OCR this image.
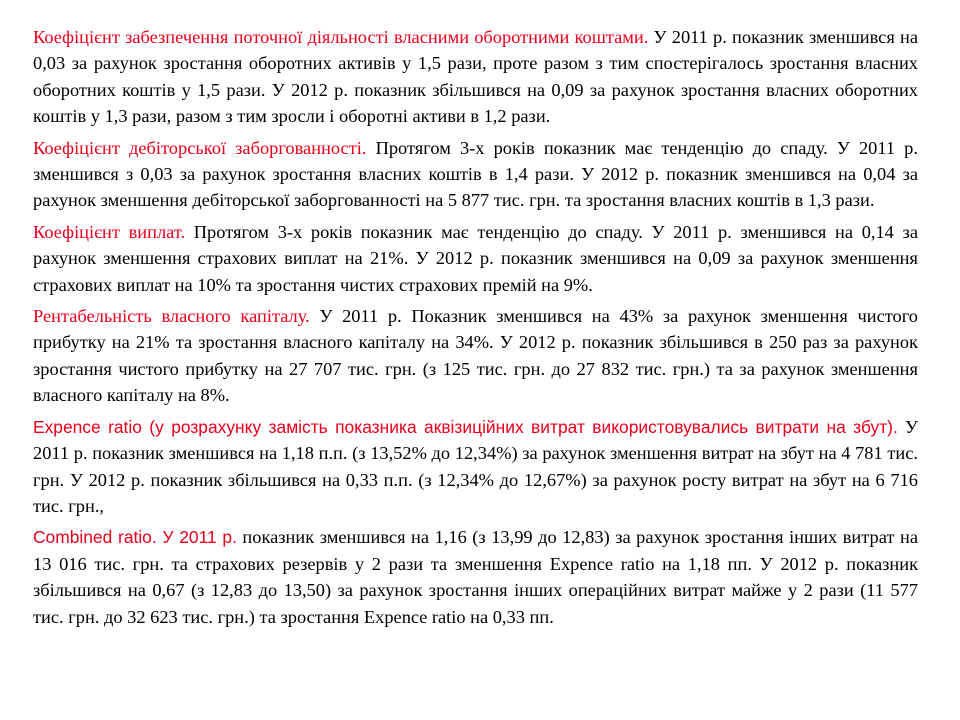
Коефіцієнт забезпечення поточної діяльності власними оборотними коштами. У 2011 р. показник зменшився на 0,03 за рахунок зростання оборотних активів у 1,5 рази, проте разом з тим спостерігалось зростання власних оборотних коштів у 1,5 рази. У 2012 р. показник збільшився на 0,09 за рахунок зростання власних оборотних коштів у 1,3 рази, разом з тим зросли і оборотні активи в 1,2 рази.

Коефіцієнт дебіторської заборгованності. Протягом 3-х років показник має тенденцію до спаду. У 2011 р. зменшився з 0,03 за рахунок зростання власних коштів в 1,4 рази. У 2012 р. показник зменшився на 0,04 за рахунок зменшення дебіторської заборгованності на 5 877 тис. грн. та зростання власних коштів в 1,3 рази.

Коефіцієнт виплат. Протягом 3-х років показник має тенденцію до спаду. У 2011 р. зменшився на 0,14 за рахунок зменшення страхових виплат на 21%. У 2012 р. показник зменшився на 0,09 за рахунок зменшення страхових виплат на 10% та зростання чистих страхових премій на 9%.

Рентабельність власного капіталу. У 2011 р. Показник зменшився на 43% за рахунок зменшення чистого прибутку на 21% та зростання власного капіталу на 34%. У 2012 р. показник збільшився в 250 раз за рахунок зростання чистого прибутку на 27 707 тис. грн. (з 125 тис. грн. до 27 832 тис. грн.) та за рахунок зменшення власного капіталу на 8%.

Expence ratio (у розрахунку замість показника аквізиційних витрат використовувались витрати на збут). У 2011 р. показник зменшився на 1,18 п.п. (з 13,52% до 12,34%) за рахунок зменшення витрат на збут на 4 781 тис. грн. У 2012 р. показник збільшився на 0,33 п.п. (з 12,34% до 12,67%) за рахунок росту витрат на збут на 6 716 тис. грн.,

Combined ratio. У 2011 р. показник зменшився на 1,16 (з 13,99 до 12,83) за рахунок зростання інших витрат на 13 016 тис. грн. та страхових резервів у 2 рази та зменшення Expence ratio на 1,18 пп. У 2012 р. показник збільшився на 0,67 (з 12,83 до 13,50) за рахунок зростання інших операційних витрат майже у 2 рази (11 577 тис. грн. до 32 623 тис. грн.) та зростання Expence ratio на 0,33 пп.
